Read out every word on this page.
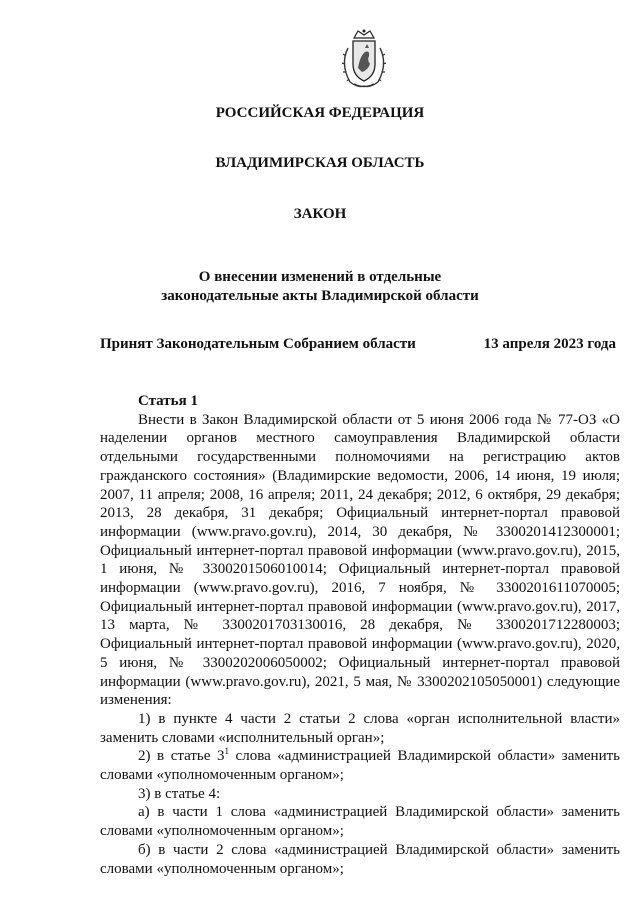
РОССИЙСКАЯ ФЕДЕРАЦИЯ
ВЛАДИМИРСКАЯ ОБЛАСТЬ
ЗАКОН
О внесении изменений в отдельные
законодательные акты Владимирской области
Принят Законодательным Собранием области	13 апреля 2023 года

Статья 1

Внести в Закон Владимирской области от 5 июня 2006 года № 77-ОЗ «О наделении органов местного самоуправления Владимирской области отдельными государственными полномочиями на регистрацию актов гражданского состояния» (Владимирские ведомости, 2006, 14 июня, 19 июля; 2007, 11 апреля; 2008, 16 апреля; 2011, 24 декабря; 2012, 6 октября, 29 декабря; 2013, 28 декабря, 31 декабря; Официальный интернет-портал правовой информации (www.pravo.gov.ru), 2014, 30 декабря, № 3300201412300001; Официальный интернет-портал правовой информации (www.pravo.gov.ru), 2015, 1 июня, № 3300201506010014; Официальный интернет-портал правовой информации (www.pravo.gov.ru), 2016, 7 ноября, № 3300201611070005; Официальный интернет-портал правовой информации (www.pravo.gov.ru), 2017, 13 марта, № 3300201703130016, 28 декабря, № 3300201712280003; Официальный интернет-портал правовой информации (www.pravo.gov.ru), 2020, 5 июня, № 3300202006050002; Официальный интернет-портал правовой информации (www.pravo.gov.ru), 2021, 5 мая, № 3300202105050001) следующие изменения:

1) в пункте 4 части 2 статьи 2 слова «орган исполнительной власти» заменить словами «исполнительный орган»;

2) в статье $3^1$ слова «администрацией Владимирской области» заменить словами «уполномоченным органом»;

3) в статье 4:

а) в части 1 слова «администрацией Владимирской области» заменить словами «уполномоченным органом»;

б) в части 2 слова «администрацией Владимирской области» заменить словами «уполномоченным органом»;
